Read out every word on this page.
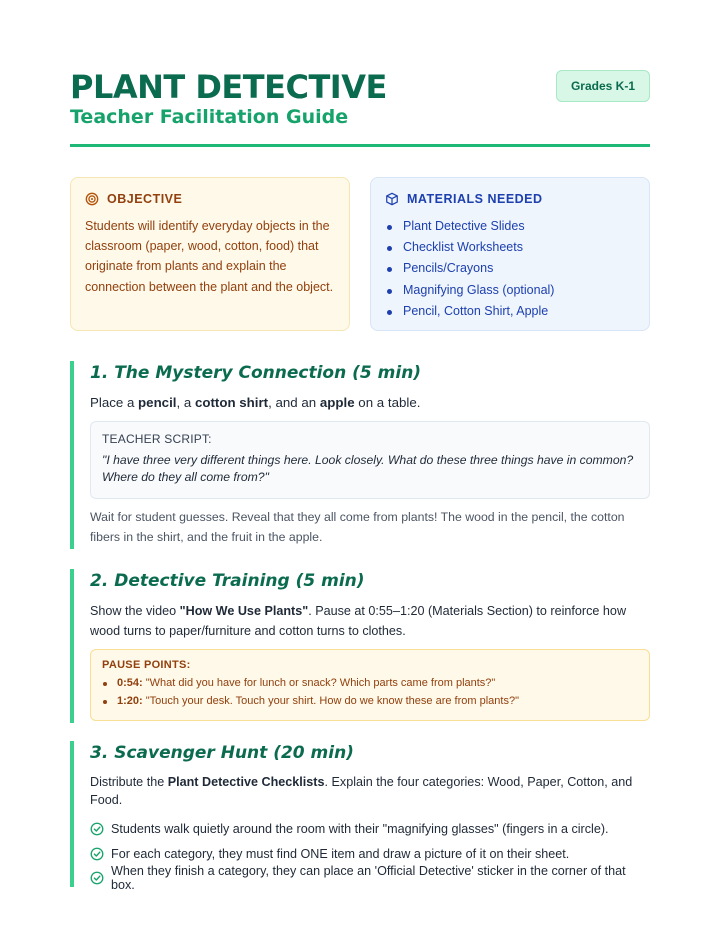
PLANT DETECTIVE
Teacher Facilitation Guide
Grades K-1
OBJECTIVE
Students will identify everyday objects in the classroom (paper, wood, cotton, food) that originate from plants and explain the connection between the plant and the object.
MATERIALS NEEDED
Plant Detective Slides
Checklist Worksheets
Pencils/Crayons
Magnifying Glass (optional)
Pencil, Cotton Shirt, Apple
1. The Mystery Connection (5 min)
Place a pencil, a cotton shirt, and an apple on a table.
TEACHER SCRIPT:
"I have three very different things here. Look closely. What do these three things have in common? Where do they all come from?"
Wait for student guesses. Reveal that they all come from plants! The wood in the pencil, the cotton fibers in the shirt, and the fruit in the apple.
2. Detective Training (5 min)
Show the video "How We Use Plants". Pause at 0:55–1:20 (Materials Section) to reinforce how wood turns to paper/furniture and cotton turns to clothes.
PAUSE POINTS:
0:54: "What did you have for lunch or snack? Which parts came from plants?"
1:20: "Touch your desk. Touch your shirt. How do we know these are from plants?"
3. Scavenger Hunt (20 min)
Distribute the Plant Detective Checklists. Explain the four categories: Wood, Paper, Cotton, and Food.
Students walk quietly around the room with their "magnifying glasses" (fingers in a circle).
For each category, they must find ONE item and draw a picture of it on their sheet.
When they finish a category, they can place an 'Official Detective' sticker in the corner of that box.
